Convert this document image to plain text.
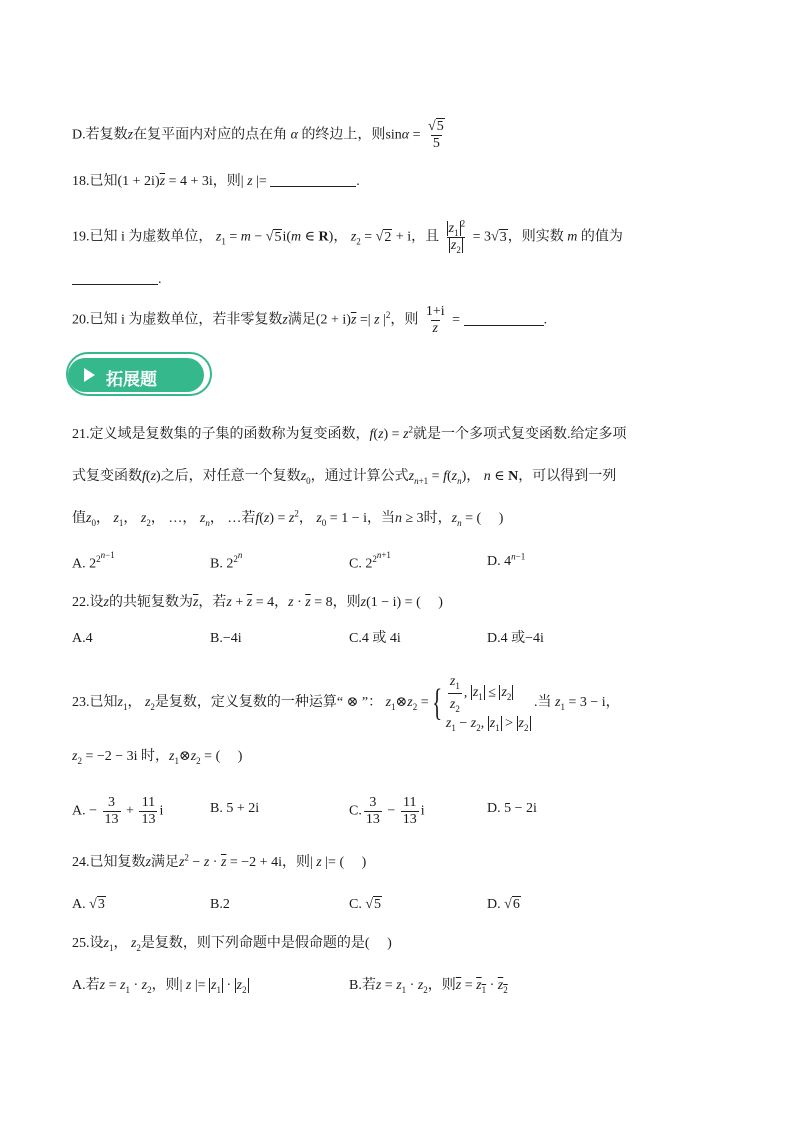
D.若复数z在复平面内对应的点在角 α 的终边上，则$\sin\alpha = \frac{√5}{5}$
18.已知$(1 + 2i)\overline{z} = 4 + 3i$，则| z |=	.
19.已知 i 为虚数单位， $z_1 = m - √5i(m$ ∈ R)， $z_2 = √2 + i$，且 $\frac{z_1^2}{z_2} = 3√3$，则实数 m 的值为
.
20.已知 i 为虚数单位，若非零复数z满足$(2 + i)\overline{z}$ =| z $|^2$，则 $\frac{1+i}{z}$ =	.
拓展题
21.定义域是复数集的子集的函数称为复变函数，$f(z) = z^2$就是一个多项式复变函数.给定多项
式复变函数f(z)之后，对任意一个复数$z_0$，通过计算公式$z_{n+1} = f(z_n)$， n ∈ N，可以得到一列
值$z_0$， $z_1$， $z_2$， …， $z_n$， …若$f(z) = z^2$， $z_0 = 1 - i$，当n ≥ 3时，$z_n$ = (　 )
A. $2^{2^{n-1}}$
B. $2^{2^n}$
C. $2^{2^{n+1}}$	D. $4^{n-1}$
22.设z的共轭复数为$\overline{z}$，若$z + \overline{z} = 4$，$z \cdot \overline{z} = 8$，则z(1 − i) = (　 )
A.4	B.−4i	C.4 或 4i	D.4 或−4i
23.已知$z_1$， $z_2$是复数，定义复数的一种运算“ ⊗ ”： $z_1\otimes z_2$ = { $\frac{z_1}{z_2}$ , $z_1 \le z_2$
$z_1 - z_2$, $z_1 > z_2$
.当 $z_1 = 3 - i$，
$z_2 = -2 - 3i$ 时，$z_1\otimes z_2$ = (　 )
A. − $\frac{3}{13} + \frac{11}{13}$ i	B. 5 + 2i	C. $\frac{3}{13} - \frac{11}{13}$ i	D. 5 − 2i
24.已知复数z满足$z^2 - z \cdot \overline{z} = -2 + 4i$，则| z |= (　 )
A. √3	B.2	C. √5	D. √6
25.设$z_1$， $z_2$是复数，则下列命题中是假命题的是(　 )
A.若$z = z_1 \cdot z_2$，则| z |= $z_1 \cdot z_2$	B.若$z = z_1 \cdot z_2$，则$\overline{z} = z_1 \cdot z_2$
